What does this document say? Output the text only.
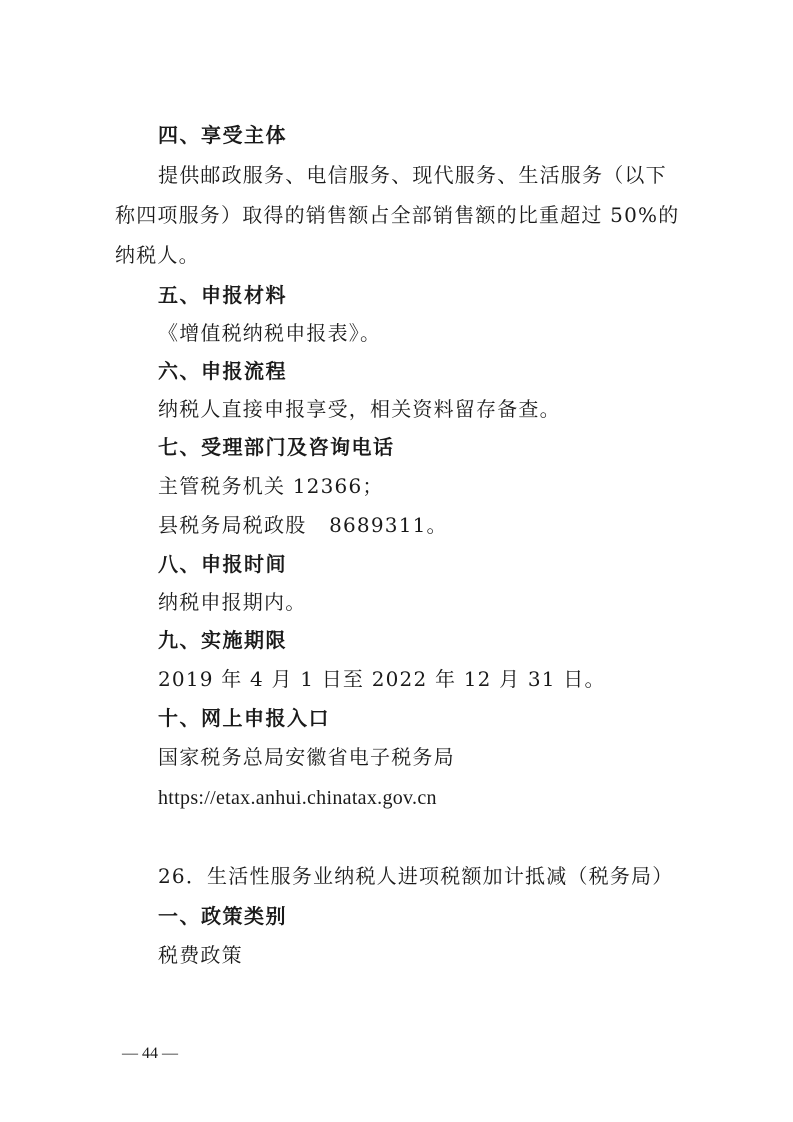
四、享受主体
提供邮政服务、电信服务、现代服务、生活服务（以下
称四项服务）取得的销售额占全部销售额的比重超过 50%的
纳税人。
五、申报材料
《增值税纳税申报表》。
六、申报流程
纳税人直接申报享受，相关资料留存备查。
七、受理部门及咨询电话
主管税务机关 12366；
县税务局税政股   8689311。
八、申报时间
纳税申报期内。
九、实施期限
2019 年 4 月 1 日至 2022 年 12 月 31 日。
十、网上申报入口
国家税务总局安徽省电子税务局
https://etax.anhui.chinatax.gov.cn
26．生活性服务业纳税人进项税额加计抵减（税务局）
一、政策类别
税费政策
— 44 —
